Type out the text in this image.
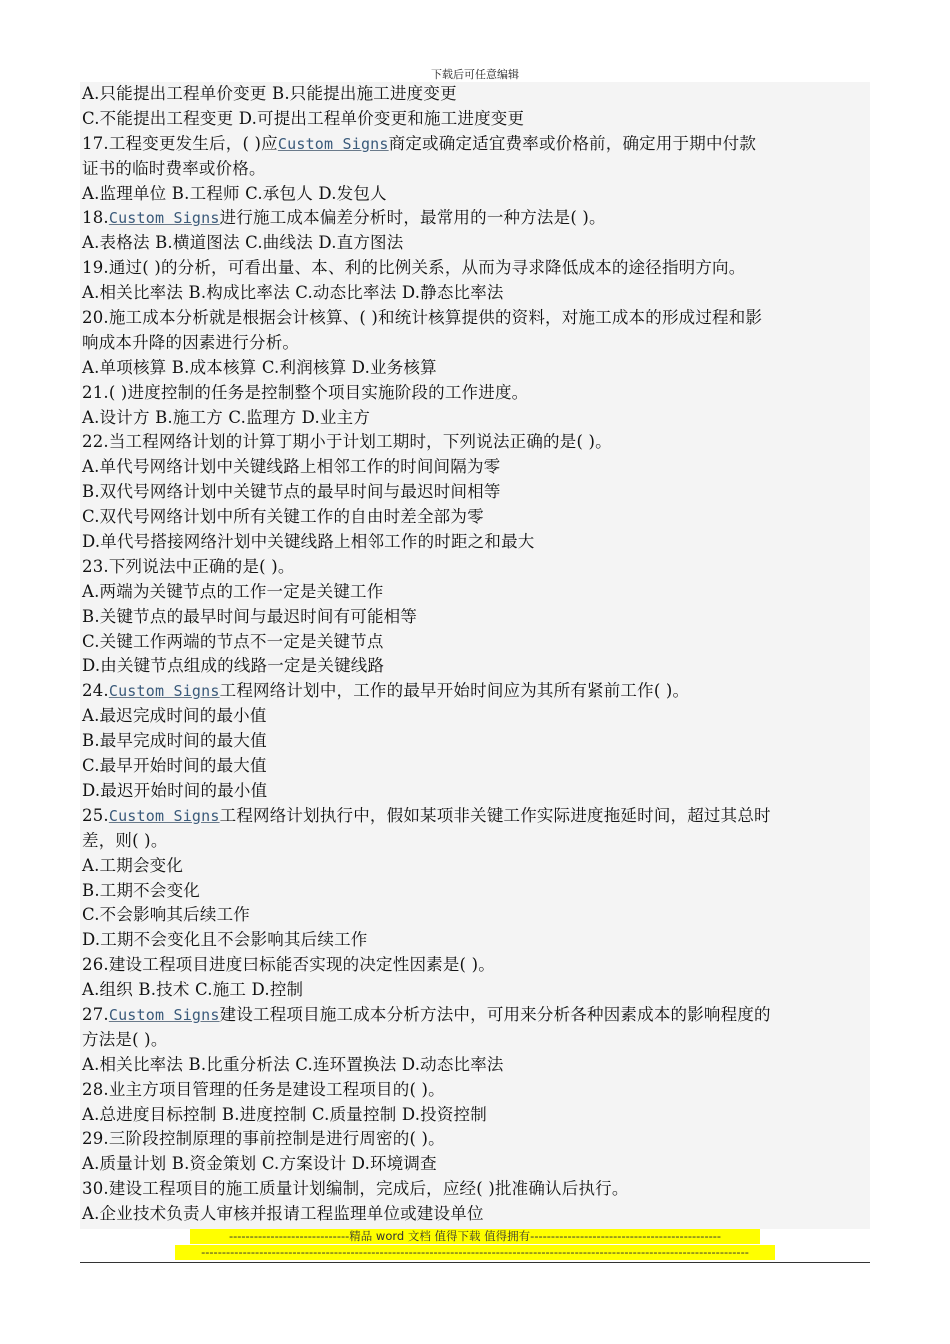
下载后可任意编辑
A.只能提出工程单价变更 B.只能提出施工进度变更
C.不能提出工程变更 D.可提出工程单价变更和施工进度变更
17.工程变更发生后，( )应Custom Signs商定或确定适宜费率或价格前，确定用于期中付款
证书的临时费率或价格。
A.监理单位 B.工程师 C.承包人 D.发包人
18.Custom Signs进行施工成本偏差分析时，最常用的一种方法是( )。
A.表格法 B.横道图法 C.曲线法 D.直方图法
19.通过( )的分析，可看出量、本、利的比例关系，从而为寻求降低成本的途径指明方向。
A.相关比率法 B.构成比率法 C.动态比率法 D.静态比率法
20.施工成本分析就是根据会计核算、( )和统计核算提供的资料，对施工成本的形成过程和影
响成本升降的因素进行分析。
A.单项核算 B.成本核算 C.利润核算 D.业务核算
21.( )进度控制的任务是控制整个项目实施阶段的工作进度。
A.设计方 B.施工方 C.监理方 D.业主方
22.当工程网络计划的计算丁期小于计划工期时，下列说法正确的是( )。
A.单代号网络计划中关键线路上相邻工作的时间间隔为零
B.双代号网络计划中关键节点的最早时间与最迟时间相等
C.双代号网络计划中所有关键工作的自由时差全部为零
D.单代号搭接网络汁划中关键线路上相邻工作的时距之和最大
23.下列说法中正确的是( )。
A.两端为关键节点的工作一定是关键工作
B.关键节点的最早时间与最迟时间有可能相等
C.关键工作两端的节点不一定是关键节点
D.由关键节点组成的线路一定是关键线路
24.Custom Signs工程网络计划中，工作的最早开始时间应为其所有紧前工作( )。
A.最迟完成时间的最小值
B.最早完成时间的最大值
C.最早开始时间的最大值
D.最迟开始时间的最小值
25.Custom Signs工程网络计划执行中，假如某项非关键工作实际进度拖延时间，超过其总时
差，则( )。
A.工期会变化
B.工期不会变化
C.不会影响其后续工作
D.工期不会变化且不会影响其后续工作
26.建设工程项目进度曰标能否实现的决定性因素是( )。
A.组织 B.技术 C.施工 D.控制
27.Custom Signs建设工程项目施工成本分析方法中，可用来分析各种因素成本的影响程度的
方法是( )。
A.相关比率法 B.比重分析法 C.连环置换法 D.动态比率法
28.业主方项目管理的任务是建设工程项目的( )。
A.总进度目标控制 B.进度控制 C.质量控制 D.投资控制
29.三阶段控制原理的事前控制是进行周密的( )。
A.质量计划 B.资金策划 C.方案设计 D.环境调查
30.建设工程项目的施工质量计划编制，完成后，应经( )批准确认后执行。
A.企业技术负责人审核并报请工程监理单位或建设单位
-----------------------------精品 word 文档 值得下载 值得拥有----------------------------------------------
------------------------------------------------------------------------------------------------------------------------------------
